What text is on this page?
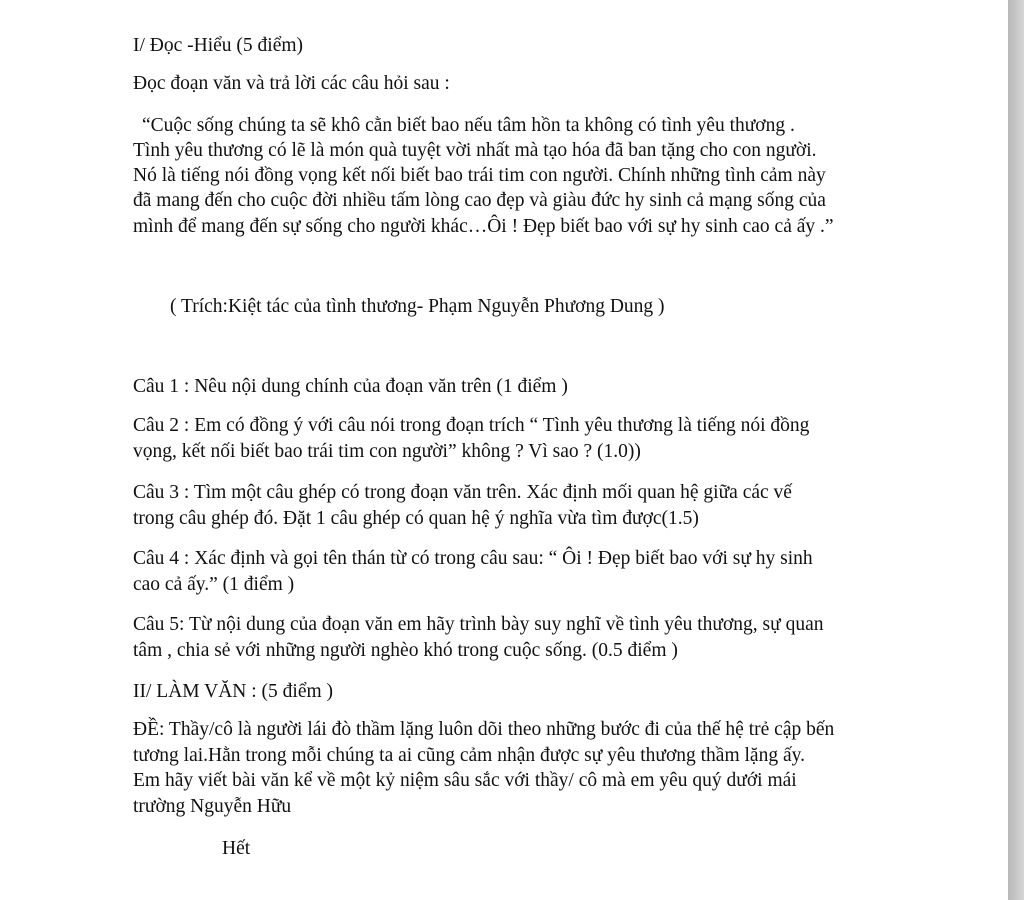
I/ Đọc -Hiểu (5 điểm)
Đọc đoạn văn và trả lời các câu hỏi sau :
“Cuộc sống chúng ta sẽ khô cằn biết bao nếu tâm hồn ta không có tình yêu thương .
Tình yêu thương có lẽ là món quà tuyệt vời nhất mà tạo hóa đã ban tặng cho con người.
Nó là tiếng nói đồng vọng kết nối biết bao trái tim con người. Chính những tình cảm này
đã mang đến cho cuộc đời nhiều tấm lòng cao đẹp và giàu đức hy sinh cả mạng sống của
mình để mang đến sự sống cho người khác…Ôi ! Đẹp biết bao với sự hy sinh cao cả ấy .”
( Trích:Kiệt tác của tình thương- Phạm Nguyễn Phương Dung )
Câu 1 : Nêu nội dung chính của đoạn văn trên (1 điểm )
Câu 2 : Em có đồng ý với câu nói trong đoạn trích “ Tình yêu thương là tiếng nói đồng
vọng, kết nối biết bao trái tim con người” không ? Vì sao ? (1.0))
Câu 3 : Tìm một câu ghép có trong đoạn văn trên. Xác định mối quan hệ giữa các vế
trong câu ghép đó. Đặt 1 câu ghép có quan hệ ý nghĩa vừa tìm được(1.5)
Câu 4 : Xác định và gọi tên thán từ có trong câu sau: “ Ôi ! Đẹp biết bao với sự hy sinh
cao cả ấy.” (1 điểm )
Câu 5: Từ nội dung của đoạn văn em hãy trình bày suy nghĩ về tình yêu thương, sự quan
tâm , chia sẻ với những người nghèo khó trong cuộc sống. (0.5 điểm )
II/ LÀM VĂN : (5 điểm )
ĐỀ: Thầy/cô là người lái đò thầm lặng luôn dõi theo những bước đi của thế hệ trẻ cập bến
tương lai.Hằn trong mỗi chúng ta ai cũng cảm nhận được sự yêu thương thầm lặng ấy.
Em hãy viết bài văn kể về một kỷ niệm sâu sắc với thầy/ cô mà em yêu quý dưới mái
trường Nguyễn Hữu
Hết
